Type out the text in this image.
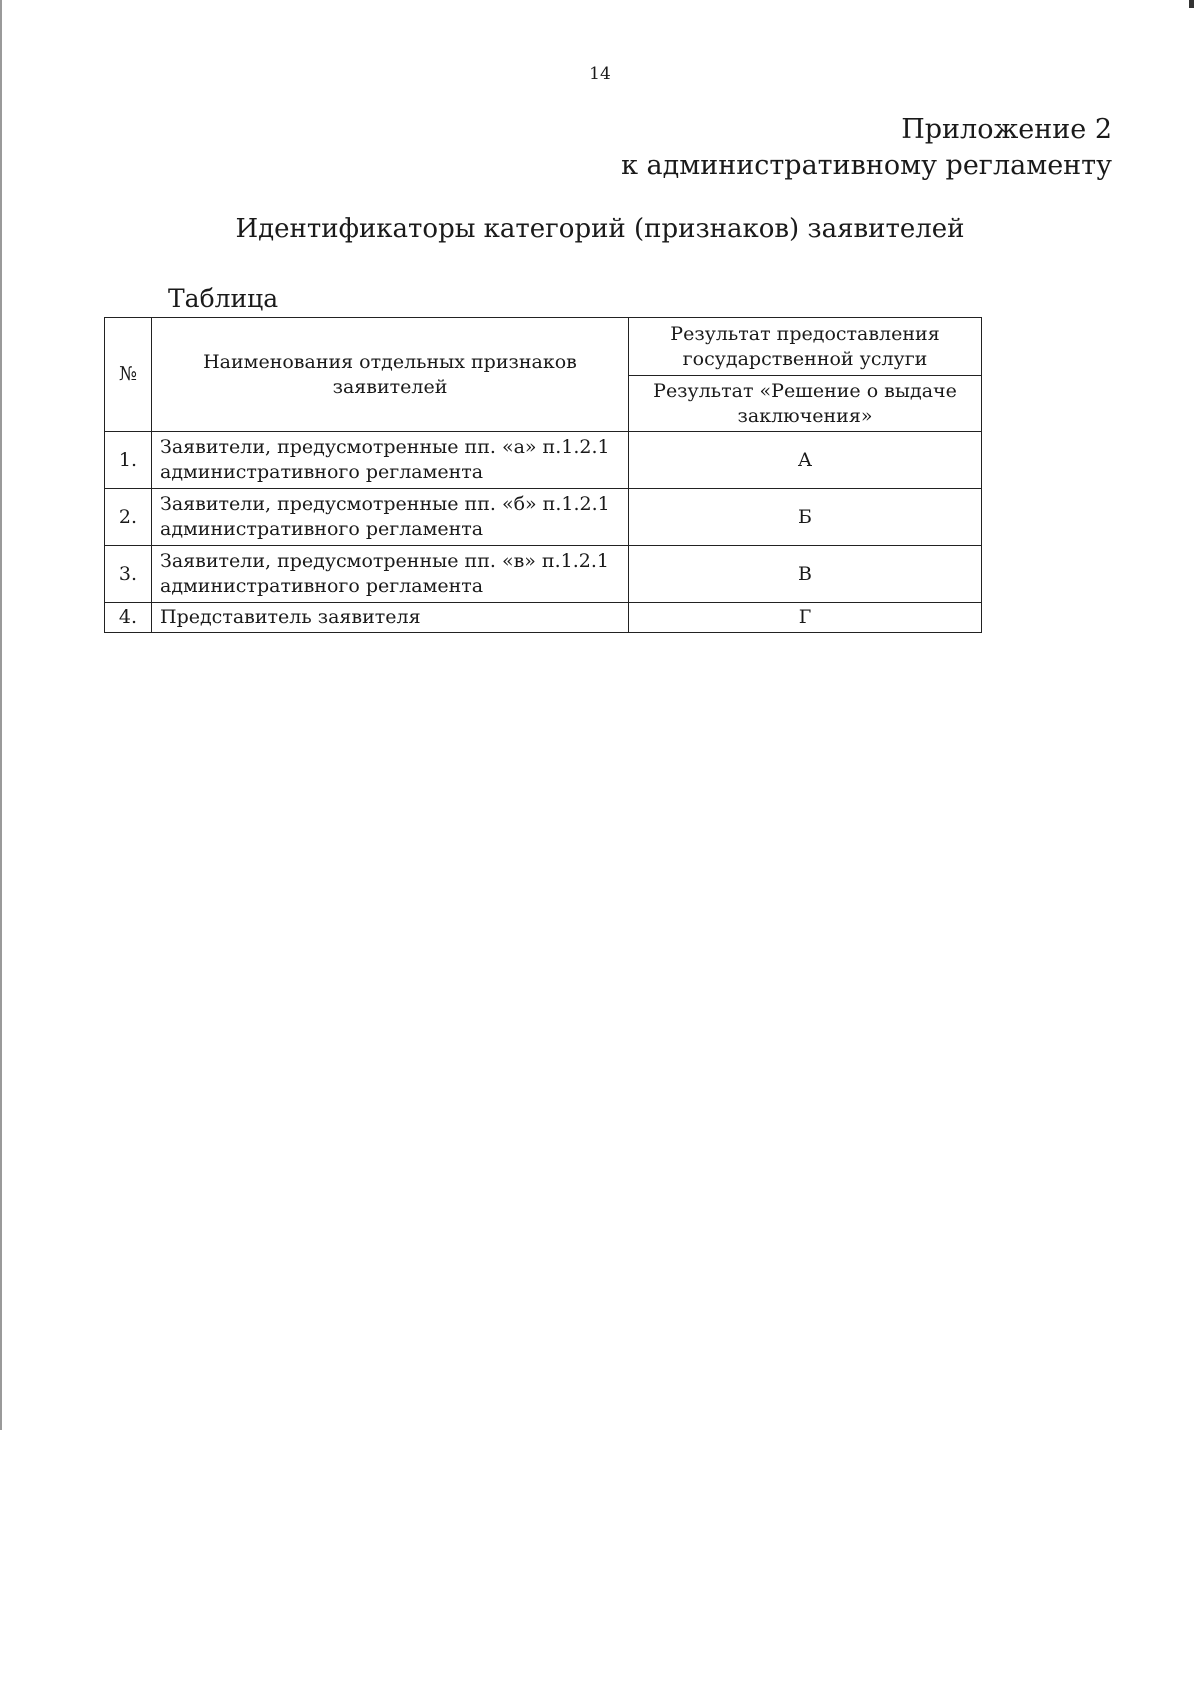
14
Приложение 2
к административному регламенту
Идентификаторы категорий (признаков) заявителей
Таблица
№	Наименования отдельных признаков заявителей	Результат предоставления государственной услуги
		Результат «Решение о выдаче заключения»
1.	Заявители, предусмотренные пп. «а» п.1.2.1 административного регламента	А
2.	Заявители, предусмотренные пп. «б» п.1.2.1 административного регламента	Б
3.	Заявители, предусмотренные пп. «в» п.1.2.1 административного регламента	В
4.	Представитель заявителя	Г
